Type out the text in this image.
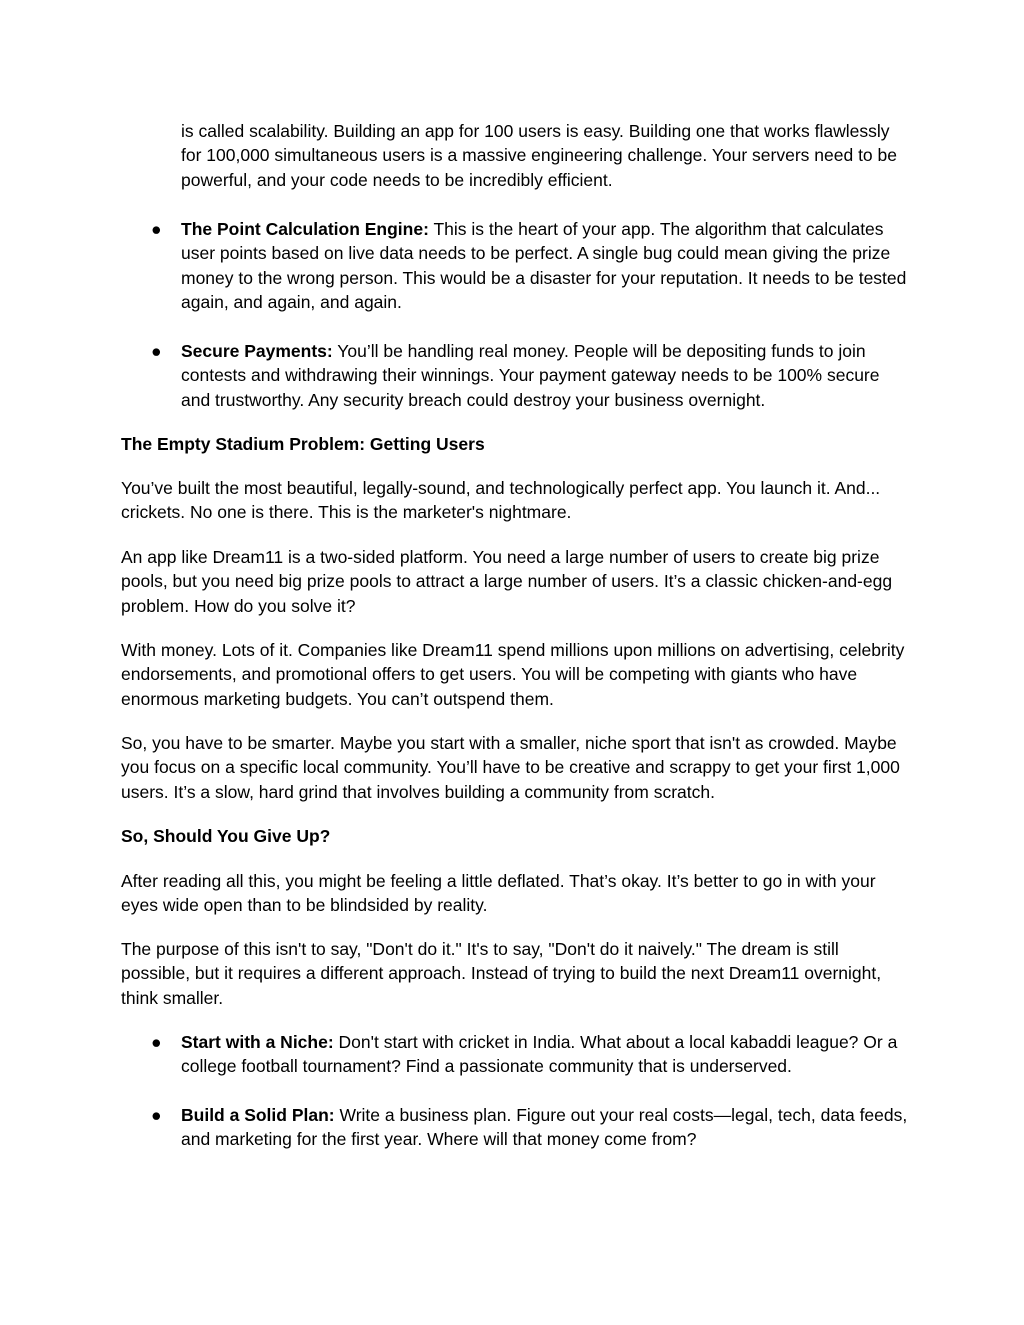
is called scalability. Building an app for 100 users is easy. Building one that works flawlessly for 100,000 simultaneous users is a massive engineering challenge. Your servers need to be powerful, and your code needs to be incredibly efficient.

● The Point Calculation Engine: This is the heart of your app. The algorithm that calculates user points based on live data needs to be perfect. A single bug could mean giving the prize money to the wrong person. This would be a disaster for your reputation. It needs to be tested again, and again, and again.
● Secure Payments: You’ll be handling real money. People will be depositing funds to join contests and withdrawing their winnings. Your payment gateway needs to be 100% secure and trustworthy. Any security breach could destroy your business overnight.

The Empty Stadium Problem: Getting Users

You’ve built the most beautiful, legally-sound, and technologically perfect app. You launch it. And... crickets. No one is there. This is the marketer's nightmare.

An app like Dream11 is a two-sided platform. You need a large number of users to create big prize pools, but you need big prize pools to attract a large number of users. It’s a classic chicken-and-egg problem. How do you solve it?

With money. Lots of it. Companies like Dream11 spend millions upon millions on advertising, celebrity endorsements, and promotional offers to get users. You will be competing with giants who have enormous marketing budgets. You can’t outspend them.

So, you have to be smarter. Maybe you start with a smaller, niche sport that isn't as crowded. Maybe you focus on a specific local community. You’ll have to be creative and scrappy to get your first 1,000 users. It’s a slow, hard grind that involves building a community from scratch.

So, Should You Give Up?

After reading all this, you might be feeling a little deflated. That’s okay. It’s better to go in with your eyes wide open than to be blindsided by reality.

The purpose of this isn't to say, "Don't do it." It's to say, "Don't do it naively." The dream is still possible, but it requires a different approach. Instead of trying to build the next Dream11 overnight, think smaller.

● Start with a Niche: Don't start with cricket in India. What about a local kabaddi league? Or a college football tournament? Find a passionate community that is underserved.
● Build a Solid Plan: Write a business plan. Figure out your real costs—legal, tech, data feeds, and marketing for the first year. Where will that money come from?
